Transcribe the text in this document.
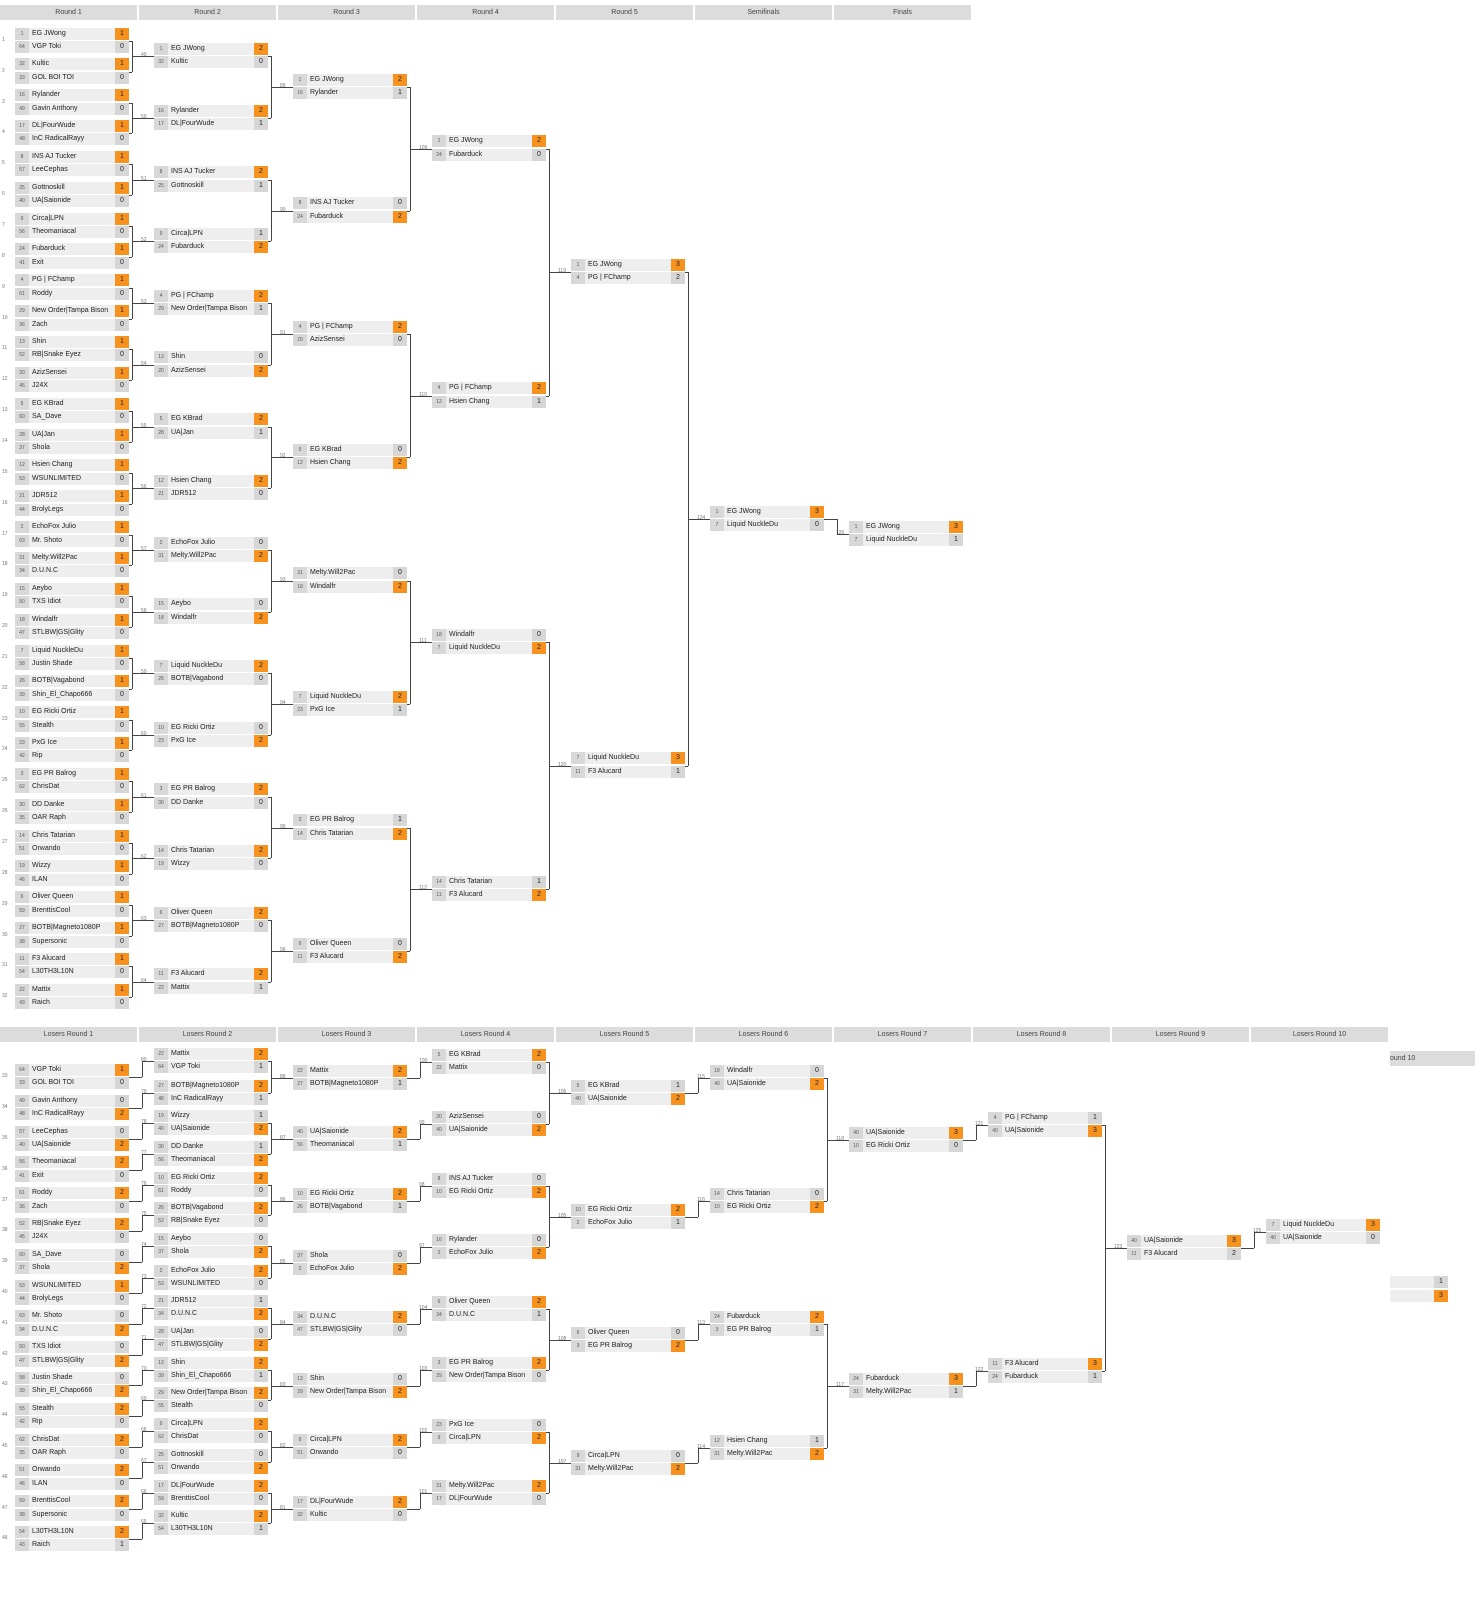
Round 1	Round 2	Round 3	Round 4	Round 5	Semifinals	Finals
1	EG JWong	1
64	VGP Toki	0
1
32	Kultic	1
33	GOL BOI TOI	0
2
16	Rylander	1
49	Gavin Anthony	0
3
17	DL|FourWude	1
48	InC RadicalRayy	0
4
8	INS AJ Tucker	1
57	LeeCephas	0
5
25	Gottnoskill	1
40	UA|Saionide	0
6
9	Circa|LPN	1
56	Theomaniacal	0
7
24	Fubarduck	1
41	Exit	0
8
4	PG | FChamp	1
61	Roddy	0
9
29	New Order|Tampa Bison	1
36	Zach	0
10
13	Shin	1
52	RB|Snake Eyez	0
11
20	AzizSensei	1
45	J24X	0
12
5	EG KBrad	1
60	SA_Dave	0
13
28	UA|Jan	1
37	Shola	0
14
12	Hsien Chang	1
53	WSUNLIMITED	0
15
21	JDR512	1
44	BrolyLegs	0
16
2	EchoFox Julio	1
63	Mr. Shoto	0
17
31	Melty.Will2Pac	1
34	D.U.N.C	0
18
15	Aeybo	1
50	TXS Idiot	0
19
18	Windalfr	1
47	STLBW|GS|Glity	0
20
7	Liquid NuckleDu	1
58	Justin Shade	0
21
26	BOTB|Vagabond	1
39	Shin_El_Chapo666	0
22
10	EG Ricki Ortiz	1
55	Stealth	0
23
23	PxG Ice	1
42	Rip	0
24
3	EG PR Balrog	1
62	ChrisDat	0
25
30	DD Danke	1
35	OAR Raph	0
26
14	Chris Tatarian	1
51	Orwando	0
27
19	Wizzy	1
46	ILAN	0
28
6	Oliver Queen	1
59	BrenttisCool	0
29
27	BOTB|Magneto1080P	1
38	Supersonic	0
30
11	F3 Alucard	1
54	L30TH3L10N	0
31
22	Mattix	1
43	Raich	0
32
1	EG JWong	2
32	Kultic	0
49
16	Rylander	2
17	DL|FourWude	1
50
8	INS AJ Tucker	2
25	Gottnoskill	1
51
9	Circa|LPN	1
24	Fubarduck	2
52
4	PG | FChamp	2
29	New Order|Tampa Bison	1
53
13	Shin	0
20	AzizSensei	2
54
5	EG KBrad	2
28	UA|Jan	1
55
12	Hsien Chang	2
21	JDR512	0
56
2	EchoFox Julio	0
31	Melty.Will2Pac	2
57
15	Aeybo	0
18	Windalfr	2
58
7	Liquid NuckleDu	2
26	BOTB|Vagabond	0
59
10	EG Ricki Ortiz	0
23	PxG Ice	2
60
3	EG PR Balrog	2
30	DD Danke	0
61
14	Chris Tatarian	2
19	Wizzy	0
62
6	Oliver Queen	2
27	BOTB|Magneto1080P	0
63
11	F3 Alucard	2
22	Mattix	1
64
1	EG JWong	2
16	Rylander	1
89
8	INS AJ Tucker	0
24	Fubarduck	2
90
4	PG | FChamp	2
20	AzizSensei	0
91
5	EG KBrad	0
12	Hsien Chang	2
92
31	Melty.Will2Pac	0
18	Windalfr	2
93
7	Liquid NuckleDu	2
23	PxG Ice	1
94
3	EG PR Balrog	1
14	Chris Tatarian	2
95
6	Oliver Queen	0
11	F3 Alucard	2
96
1	EG JWong	2
24	Fubarduck	0
109
4	PG | FChamp	2
12	Hsien Chang	1
110
18	Windalfr	0
7	Liquid NuckleDu	2
111
14	Chris Tatarian	1
11	F3 Alucard	2
112
1	EG JWong	3
4	PG | FChamp	2
119
7	Liquid NuckleDu	3
11	F3 Alucard	1
120
1	EG JWong	3
7	Liquid NuckleDu	0
124
1	EG JWong	3
7	Liquid NuckleDu	1
126
Losers Round 1	Losers Round 2	Losers Round 3	Losers Round 4	Losers Round 5	Losers Round 6	Losers Round 7	Losers Round 8	Losers Round 9	Losers Round 10
64	VGP Toki	1
33	GOL BOI TOI	0
33
49	Gavin Anthony	0
48	InC RadicalRayy	2
34
57	LeeCephas	0
40	UA|Saionide	2
35
56	Theomaniacal	2
41	Exit	0
36
61	Roddy	2
36	Zach	0
37
52	RB|Snake Eyez	2
45	J24X	0
38
60	SA_Dave	0
37	Shola	2
39
53	WSUNLIMITED	1
44	BrolyLegs	0
40
63	Mr. Shoto	0
34	D.U.N.C	2
41
50	TXS Idiot	0
47	STLBW|GS|Glity	2
42
58	Justin Shade	0
39	Shin_El_Chapo666	2
43
55	Stealth	2
42	Rip	0
44
62	ChrisDat	2
35	OAR Raph	0
45
51	Orwando	2
46	ILAN	0
46
59	BrenttisCool	2
38	Supersonic	0
47
54	L30TH3L10N	2
43	Raich	1
48
22	Mattix	2
64	VGP Toki	1
80
27	BOTB|Magneto1080P	2
48	InC RadicalRayy	1
79
19	Wizzy	1
40	UA|Saionide	2
78
30	DD Danke	1
56	Theomaniacal	2
77
10	EG Ricki Ortiz	2
61	Roddy	0
76
26	BOTB|Vagabond	2
52	RB|Snake Eyez	0
75
15	Aeybo	0
37	Shola	2
74
2	EchoFox Julio	2
53	WSUNLIMITED	0
73
21	JDR512	1
34	D.U.N.C	2
72
28	UA|Jan	0
47	STLBW|GS|Glity	2
71
13	Shin	2
39	Shin_El_Chapo666	1
70
29	New Order|Tampa Bison	2
55	Stealth	0
69
9	Circa|LPN	2
62	ChrisDat	0
68
25	Gottnoskill	0
51	Orwando	2
67
17	DL|FourWude	2
59	BrenttisCool	0
66
32	Kultic	2
54	L30TH3L10N	1
65
22	Mattix	2
27	BOTB|Magneto1080P	1
88
40	UA|Saionide	2
56	Theomaniacal	1
87
10	EG Ricki Ortiz	2
26	BOTB|Vagabond	1
86
37	Shola	0
2	EchoFox Julio	2
85
34	D.U.N.C	2
47	STLBW|GS|Glity	0
84
13	Shin	0
29	New Order|Tampa Bison	2
83
9	Circa|LPN	2
51	Orwando	0
82
17	DL|FourWude	2
32	Kultic	0
81
5	EG KBrad	2
22	Mattix	0
100
20	AzizSensei	0
40	UA|Saionide	2
99
8	INS AJ Tucker	0
10	EG Ricki Ortiz	2
98
16	Rylander	0
2	EchoFox Julio	2
97
6	Oliver Queen	2
34	D.U.N.C	1
104
3	EG PR Balrog	2
29	New Order|Tampa Bison	0
103
23	PxG Ice	0
9	Circa|LPN	2
102
31	Melty.Will2Pac	2
17	DL|FourWude	0
101
5	EG KBrad	1
40	UA|Saionide	2
106
10	EG Ricki Ortiz	2
2	EchoFox Julio	1
105
6	Oliver Queen	0
3	EG PR Balrog	2
108
9	Circa|LPN	0
31	Melty.Will2Pac	2
107
18	Windalfr	0
40	UA|Saionide	2
115
14	Chris Tatarian	0
10	EG Ricki Ortiz	2
116
24	Fubarduck	2
3	EG PR Balrog	1
113
12	Hsien Chang	1
31	Melty.Will2Pac	2
114
40	UA|Saionide	3
10	EG Ricki Ortiz	0
118
24	Fubarduck	3
31	Melty.Will2Pac	1
117
4	PG | FChamp	1
40	UA|Saionide	3
121
11	F3 Alucard	3
24	Fubarduck	1
122
40	UA|Saionide	3
11	F3 Alucard	2
123
7	Liquid NuckleDu	3
40	UA|Saionide	0
125
ound 10
1
3
